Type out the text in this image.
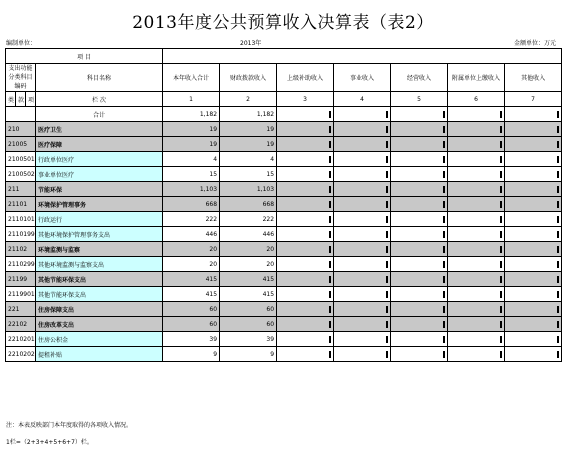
2013年度公共预算收入决算表（表2）
编制单位：	2013年	金额单位：万元
项 目										
支出功能分类科目编码			科目名称	本年收入合计	财政拨款收入	上级补助收入	事业收入	经营收入	附属单位上缴收入	其他收入
类	款	项	栏 次	1	2	3	4	5	6	7
			合计	1,182	1,182					
210			医疗卫生	19	19					
21005			医疗保障	19	19					
2100501			行政单位医疗	4	4					
2100502			事业单位医疗	15	15					
211			节能环保	1,103	1,103					
21101			环境保护管理事务	668	668					
2110101			行政运行	222	222					
2110199			其他环境保护管理事务支出	446	446					
21102			环境监测与监察	20	20					
2110299			其他环境监测与监察支出	20	20					
21199			其他节能环保支出	415	415					
2119901			其他节能环保支出	415	415					
221			住房保障支出	60	60					
22102			住房改革支出	60	60					
2210201			住房公积金	39	39					
2210202			提租补贴	9	9					
注：本表反映部门本年度取得的各项收入情况。
1栏=（2+3+4+5+6+7）栏。
